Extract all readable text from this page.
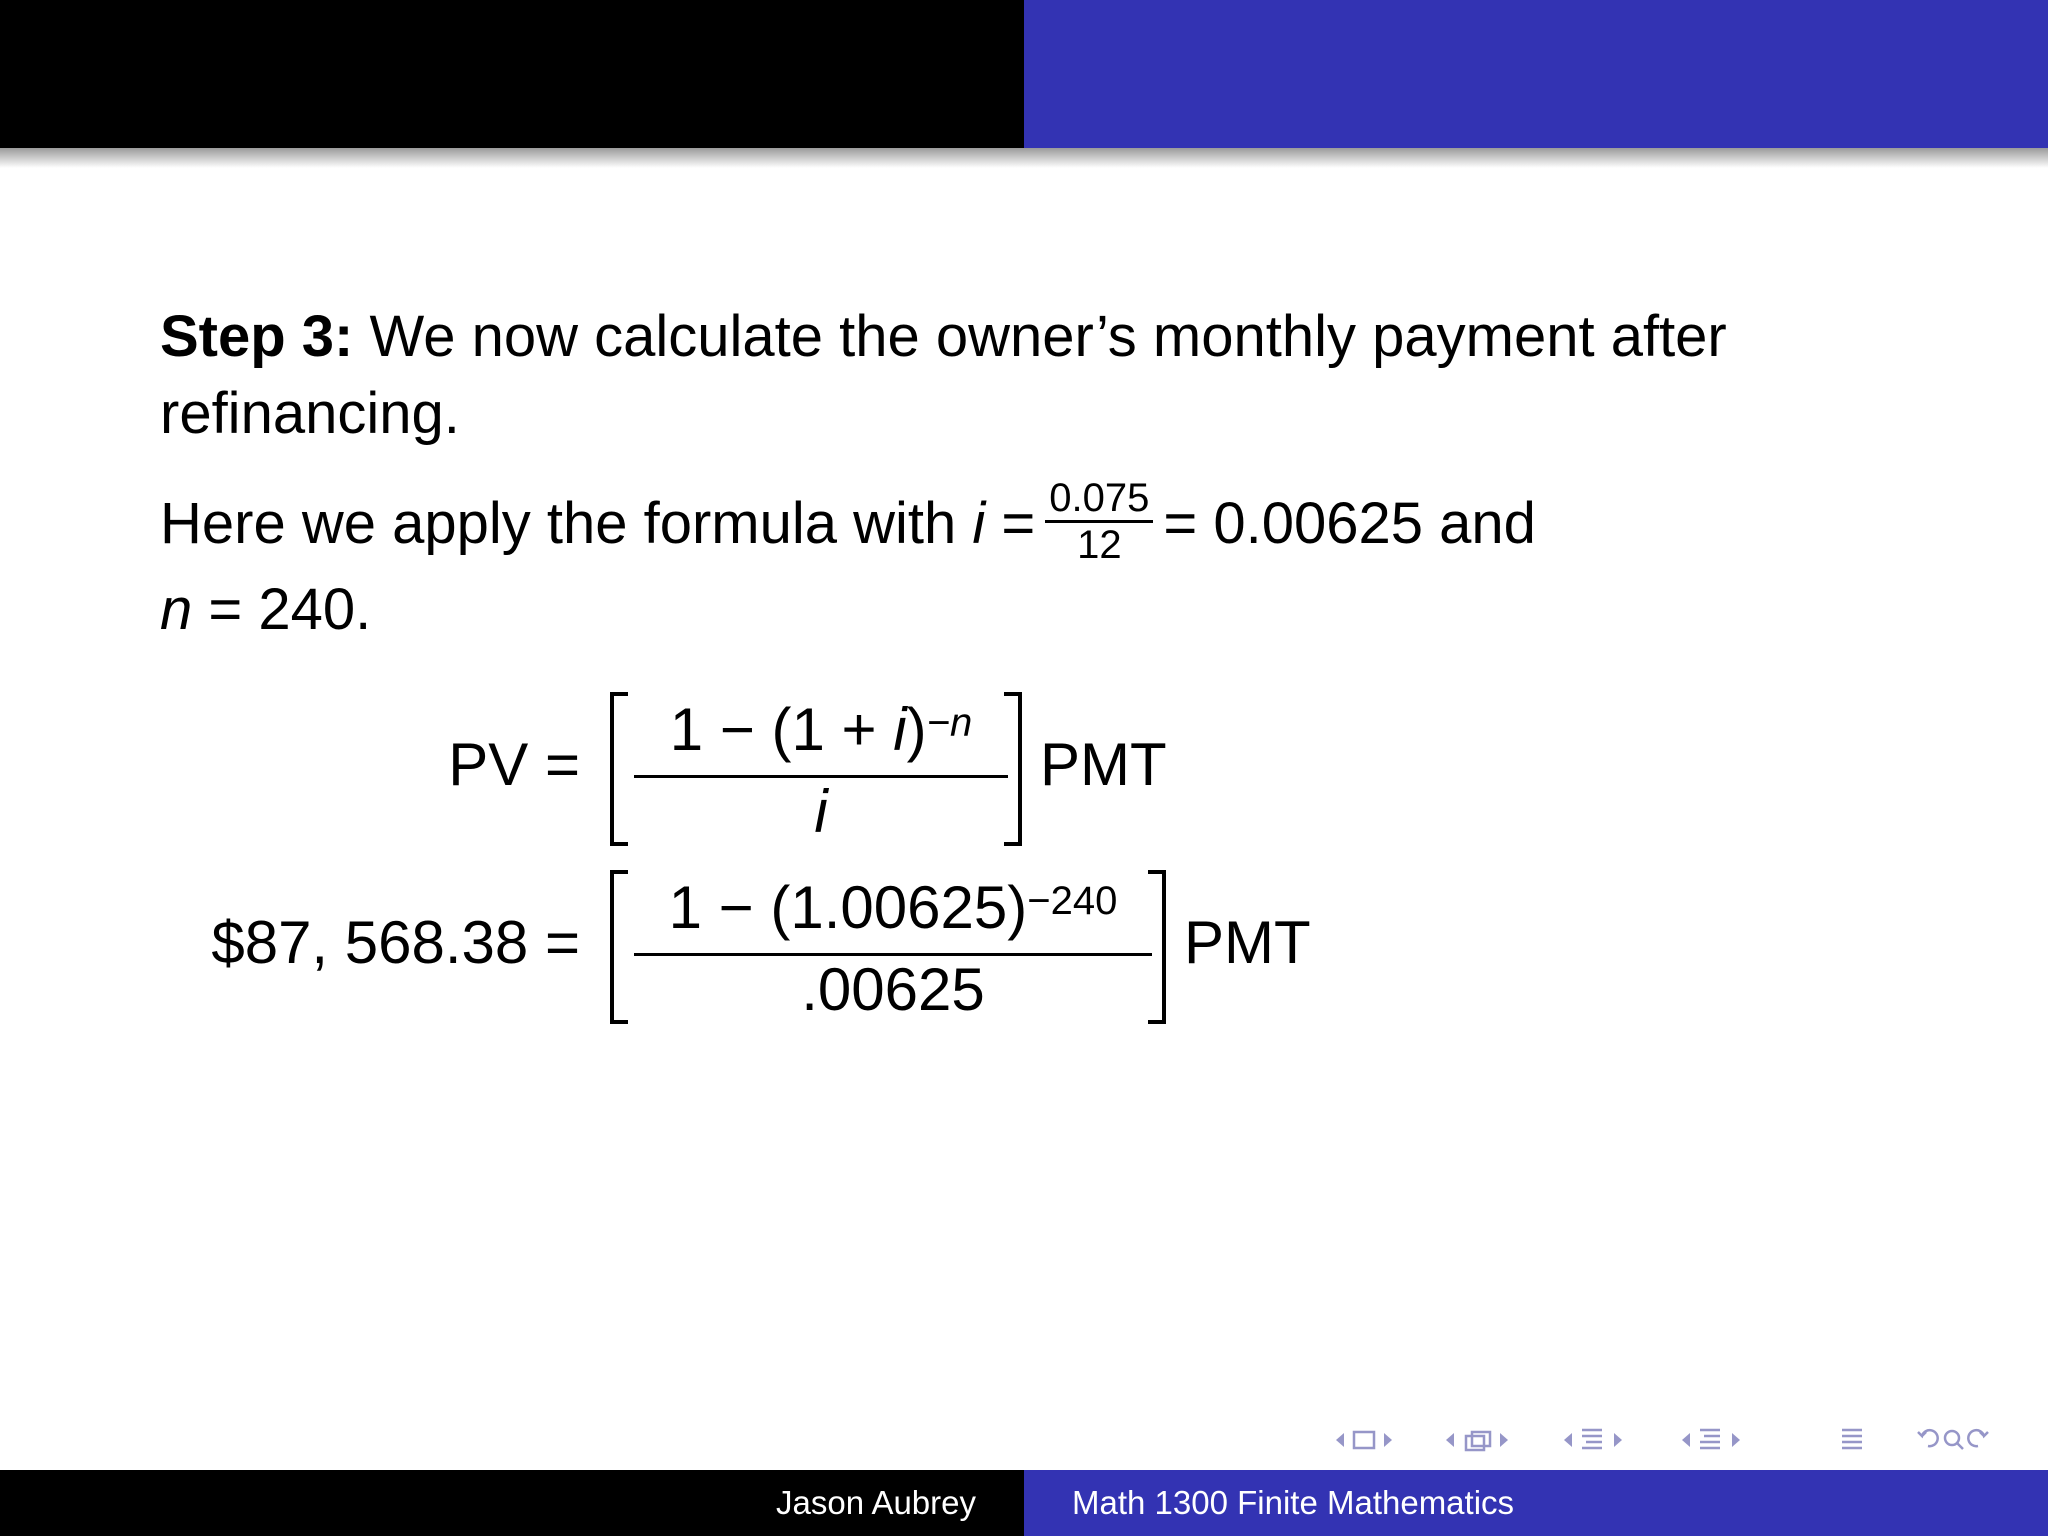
Step 3: We now calculate the owner’s monthly payment after refinancing.
Here we apply the formula with $i = \frac{0.075}{12} = 0.00625$ and
n = 240.
PV = $\frac{1 - (1 + i)^{-n}}{i}$ PMT
$87, $568.38 = \frac{1 - (1.00625)^{-240}}{.00625}$ PMT
Jason Aubrey	Math 1300 Finite Mathematics
